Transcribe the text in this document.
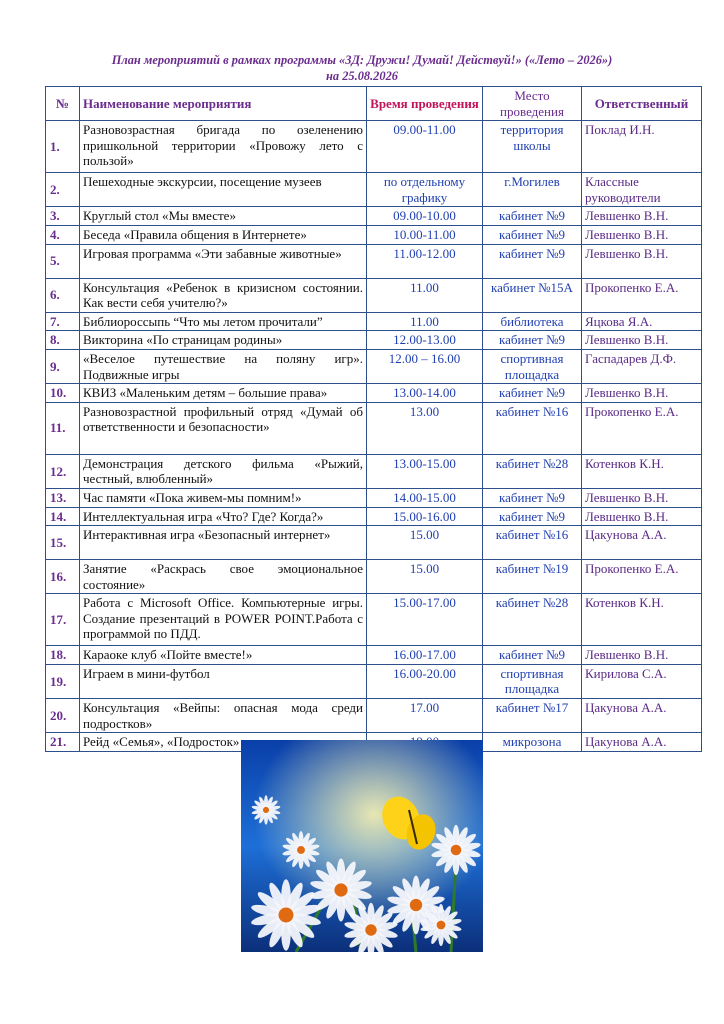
План мероприятий в рамках программы «3Д: Дружи! Думай! Действуй!» («Лето – 2026»)
на 25.08.2026
№	Наименование мероприятия	Время проведения	Место проведения	Ответственный
1.	Разновозрастная бригада по озеленению пришкольной территории «Провожу лето с пользой»	09.00-11.00	территория школы	Поклад И.Н.
2.	Пешеходные экскурсии, посещение музеев	по отдельному графику	г.Могилев	Классные руководители
3.	Круглый стол «Мы вместе»	09.00-10.00	кабинет №9	Левшенко В.Н.
4.	Беседа «Правила общения в Интернете»	10.00-11.00	кабинет №9	Левшенко В.Н.
5.	Игровая программа «Эти забавные животные»	11.00-12.00	кабинет №9	Левшенко В.Н.
6.	Консультация «Ребенок в кризисном состоянии. Как вести себя учителю?»	11.00	кабинет №15А	Прокопенко Е.А.
7.	Библиороссыпь “Что мы летом прочитали”	11.00	библиотека	Яцкова Я.А.
8.	Викторина «По страницам родины»	12.00-13.00	кабинет №9	Левшенко В.Н.
9.	«Веселое путешествие на поляну игр». Подвижные игры	12.00 – 16.00	спортивная площадка	Гаспадарев Д.Ф.
10.	КВИЗ «Маленьким детям – большие права»	13.00-14.00	кабинет №9	Левшенко В.Н.
11.	Разновозрастной профильный отряд «Думай об ответственности и безопасности»	13.00	кабинет №16	Прокопенко Е.А.
12.	Демонстрация детского фильма «Рыжий, честный, влюбленный»	13.00-15.00	кабинет №28	Котенков К.Н.
13.	Час памяти «Пока живем-мы помним!»	14.00-15.00	кабинет №9	Левшенко В.Н.
14.	Интеллектуальная игра «Что? Где? Когда?»	15.00-16.00	кабинет №9	Левшенко В.Н.
15.	Интерактивная игра «Безопасный интернет»	15.00	кабинет №16	Цакунова А.А.
16.	Занятие «Раскрась свое эмоциональное состояние»	15.00	кабинет №19	Прокопенко Е.А.
17.	Работа с Microsoft Office. Компьютерные игры. Создание презентаций в POWER POINT.Работа с программой по ПДД.	15.00-17.00	кабинет №28	Котенков К.Н.
18.	Караоке клуб «Пойте вместе!»	16.00-17.00	кабинет №9	Левшенко В.Н.
19.	Играем в мини-футбол	16.00-20.00	спортивная площадка	Кирилова С.А.
20.	Консультация «Вейпы: опасная мода среди подростков»	17.00	кабинет №17	Цакунова А.А.
21.	Рейд «Семья», «Подросток»		микрозона	Цакунова А.А.
